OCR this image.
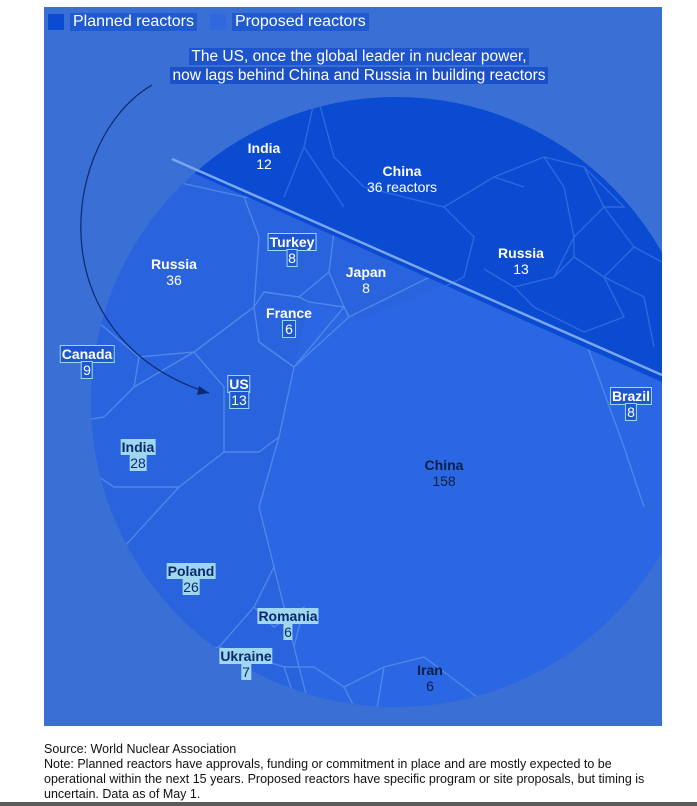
Planned reactors	Proposed reactors
The US, once the global leader in nuclear power,
now lags behind China and Russia in building reactors
India
12	China
36 reactors
Russia
13
China
158
Russia
36
India
28
Poland
26
US
13
Canada
9
Turkey
8
Japan
8
Brazil
8
Ukraine
7
France
6
Romania
6
Iran
6

Source: World Nuclear Association

Note: Planned reactors have approvals, funding or commitment in place and are mostly expected to be operational within the next 15 years. Proposed reactors have specific program or site proposals, but timing is uncertain. Data as of May 1.
